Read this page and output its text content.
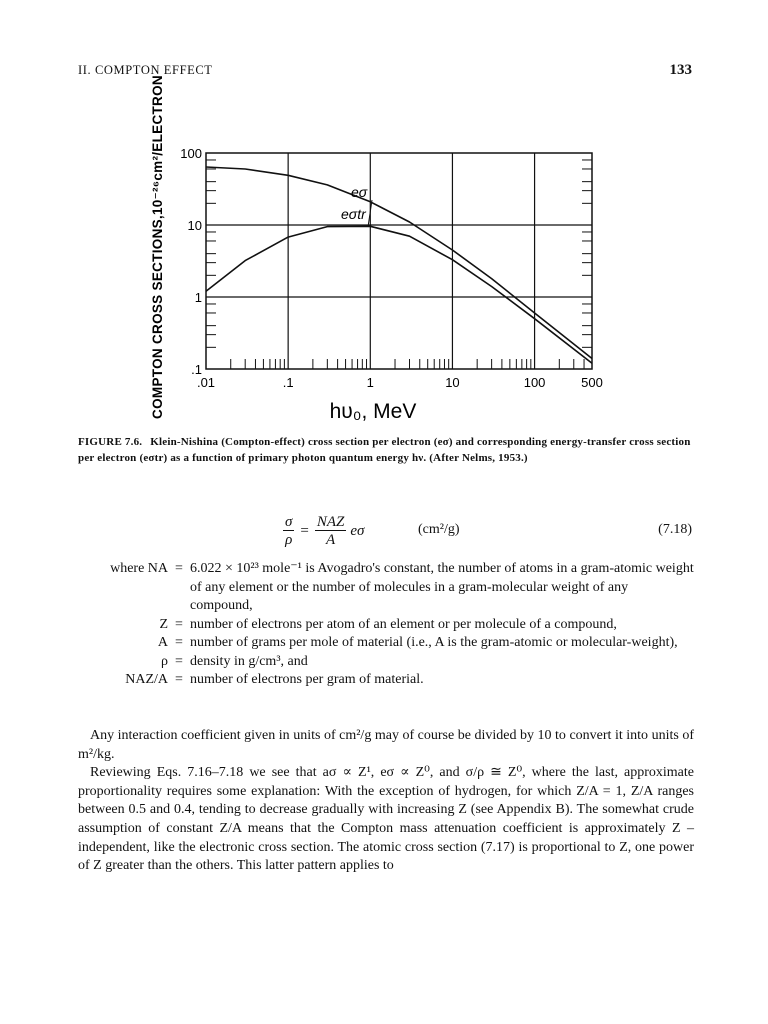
II. COMPTON EFFECT	133
.01	.1	1	10	100	500
100
10
1
.1
COMPTON CROSS SECTIONS,10⁻²⁶cm²/ELECTRON	hυ₀, MeV
eσ
eσtr
FIGURE 7.6. Klein-Nishina (Compton-effect) cross section per electron (eσ) and corresponding energy-transfer cross section per electron (eσtr) as a function of primary photon quantum energy hν. (After Nelms, 1953.)
$\frac{\sigma}{\rho} = \frac{\text{NAZ}}{A}$ eσ	(cm²/g)	(7.18)
where NA = 6.022 × 10²³ mole⁻¹ is Avogadro's constant, the number of atoms in a gram-atomic weight of any element or the number of molecules in a gram-molecular weight of any compound,
Z = number of electrons per atom of an element or per molecule of a compound,
A = number of grams per mole of material (i.e., A is the gram-atomic or molecular-weight),
ρ = density in g/cm³, and
NAZ/A = number of electrons per gram of material.

Any interaction coefficient given in units of cm²/g may of course be divided by 10 to convert it into units of m²/kg.

Reviewing Eqs. 7.16–7.18 we see that aσ ∝ Z¹, eσ ∝ Z⁰, and σ/ρ ≅ Z⁰, where the last, approximate proportionality requires some explanation: With the exception of hydrogen, for which Z/A = 1, Z/A ranges between 0.5 and 0.4, tending to decrease gradually with increasing Z (see Appendix B). The somewhat crude assumption of constant Z/A means that the Compton mass attenuation coefficient is approximately Z – independent, like the electronic cross section. The atomic cross section (7.17) is proportional to Z, one power of Z greater than the others. This latter pattern applies to
